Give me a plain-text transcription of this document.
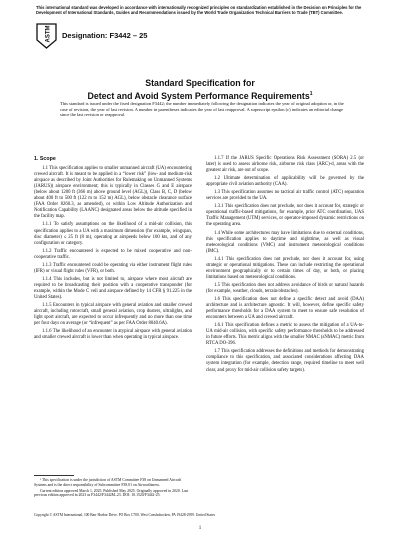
This international standard was developed in accordance with internationally recognized principles on standardization established in the Decision on Principles for the Development of International Standards, Guides and Recommendations issued by the World Trade Organization Technical Barriers to Trade (TBT) Committee.
ASTM Designation: F3442 – 25
Standard Specification for
Detect and Avoid System Performance Requirements$^1$
This standard is issued under the fixed designation F3442; the number immediately following the designation indicates the year of original adoption or, in the case of revision, the year of last revision. A number in parentheses indicates the year of last reapproval. A superscript epsilon (ε) indicates an editorial change since the last revision or reapproval.
1. Scope

1.1 This specification applies to smaller unmanned aircraft (UA) encountering crewed aircraft. It is meant to be applied in a “lower risk” (low- and medium-risk airspace as described by Joint Authorities for Rulemaking on Unmanned Systems (JARUS)) airspace environment; this is typically in Classes G and E airspace (below about 1200 ft (366 m) above ground level (AGL)), Class B, C, D (below about 400 ft to 500 ft (122 m to 152 m) AGL), below obstacle clearance surface (FAA Order 8260.3, as amended), or within Low Altitude Authorization and Notification Capability (LAANC) designated areas below the altitude specified in the facility map.

1.1.1 To satisfy assumptions on the likelihood of a mid-air collision, this specification applies to a UA with a maximum dimension (for example, wingspan, disc diameter) ≤ 25 ft (8 m), operating at airspeeds below 100 kts, and of any configuration or category.

1.1.2 Traffic encountered is expected to be mixed cooperative and non-cooperative traffic.

1.1.3 Traffic encountered could be operating via either instrument flight rules (IFR) or visual flight rules (VFR), or both.

1.1.4 This includes, but is not limited to, airspace where most aircraft are required to be broadcasting their position with a cooperative transponder (for example, within the Mode C veil and airspace defined by 14 CFR § 91.225 in the United States).

1.1.5 Encounters in typical airspace with general aviation and smaller crewed aircraft, including rotorcraft, small general aviation, crop dusters, ultralights, and light sport aircraft, are expected to occur infrequently and no more than one time per four days on average (or “infrequent” as per FAA Order 8040.6A).

1.1.6 The likelihood of an encounter in atypical airspace with general aviation and smaller crewed aircraft is lower than when operating in typical airspace.

1.1.7 If the JARUS Specific Operations Risk Assessment (SORA) 2.5 (or later) is used to assess airborne risk, airborne risk class (ARC)-d, areas with the greatest air risk, are out of scope.

1.2 Ultimate determination of applicability will be governed by the appropriate civil aviation authority (CAA).

1.3 This specification assumes no tactical air traffic control (ATC) separation services are provided to the UA.

1.3.1 This specification does not preclude, nor does it account for, strategic or operational traffic-based mitigations, for example, prior ATC coordination, UAS Traffic Management (UTM) services, or operator-imposed dynamic restrictions on the operating area.

1.4 While some architectures may have limitations due to external conditions, this specification applies to daytime and nighttime, as well as visual meteorological conditions (VMC) and instrument meteorological conditions (IMC).

1.4.1 This specification does not preclude, nor does it account for, using strategic or operational mitigations. These can include restricting the operational environment geographically or to certain times of day, or both, or placing limitations based on meteorological conditions.

1.5 This specification does not address avoidance of birds or natural hazards (for example, weather, clouds, terrain/obstacles).

1.6 This specification does not define a specific detect and avoid (DAA) architecture and is architecture agnostic. It will, however, define specific safety performance thresholds for a DAA system to meet to ensure safe resolution of encounters between a UA and crewed aircraft.

1.6.1 This specification defines a metric to assess the mitigation of a UA-to-UA mid-air collision, with specific safety performance thresholds to be addressed in future efforts. This metric aligns with the smaller NMAC (sNMAC) metric from RTCA DO-396.

1.7 This specification addresses the definitions and methods for demonstrating compliance to this specification, and associated considerations affecting DAA system integration (for example, detection range, required timeline to meet well clear, and proxy for mid-air collision safety targets).

¹ This specification is under the jurisdiction of ASTM Committee F38 on Unmanned Aircraft Systems and is the direct responsibility of Subcommittee F38.01 on Airworthiness.

Current edition approved March 1, 2025. Published May 2025. Originally approved in 2020. Last previous edition approved in 2023 as F3442/F3442M–23. DOI: 10.1520/F3442-25.

Copyright © ASTM International, 100 Barr Harbor Drive, PO Box C700, West Conshohocken, PA 19428-2959. United States
1
